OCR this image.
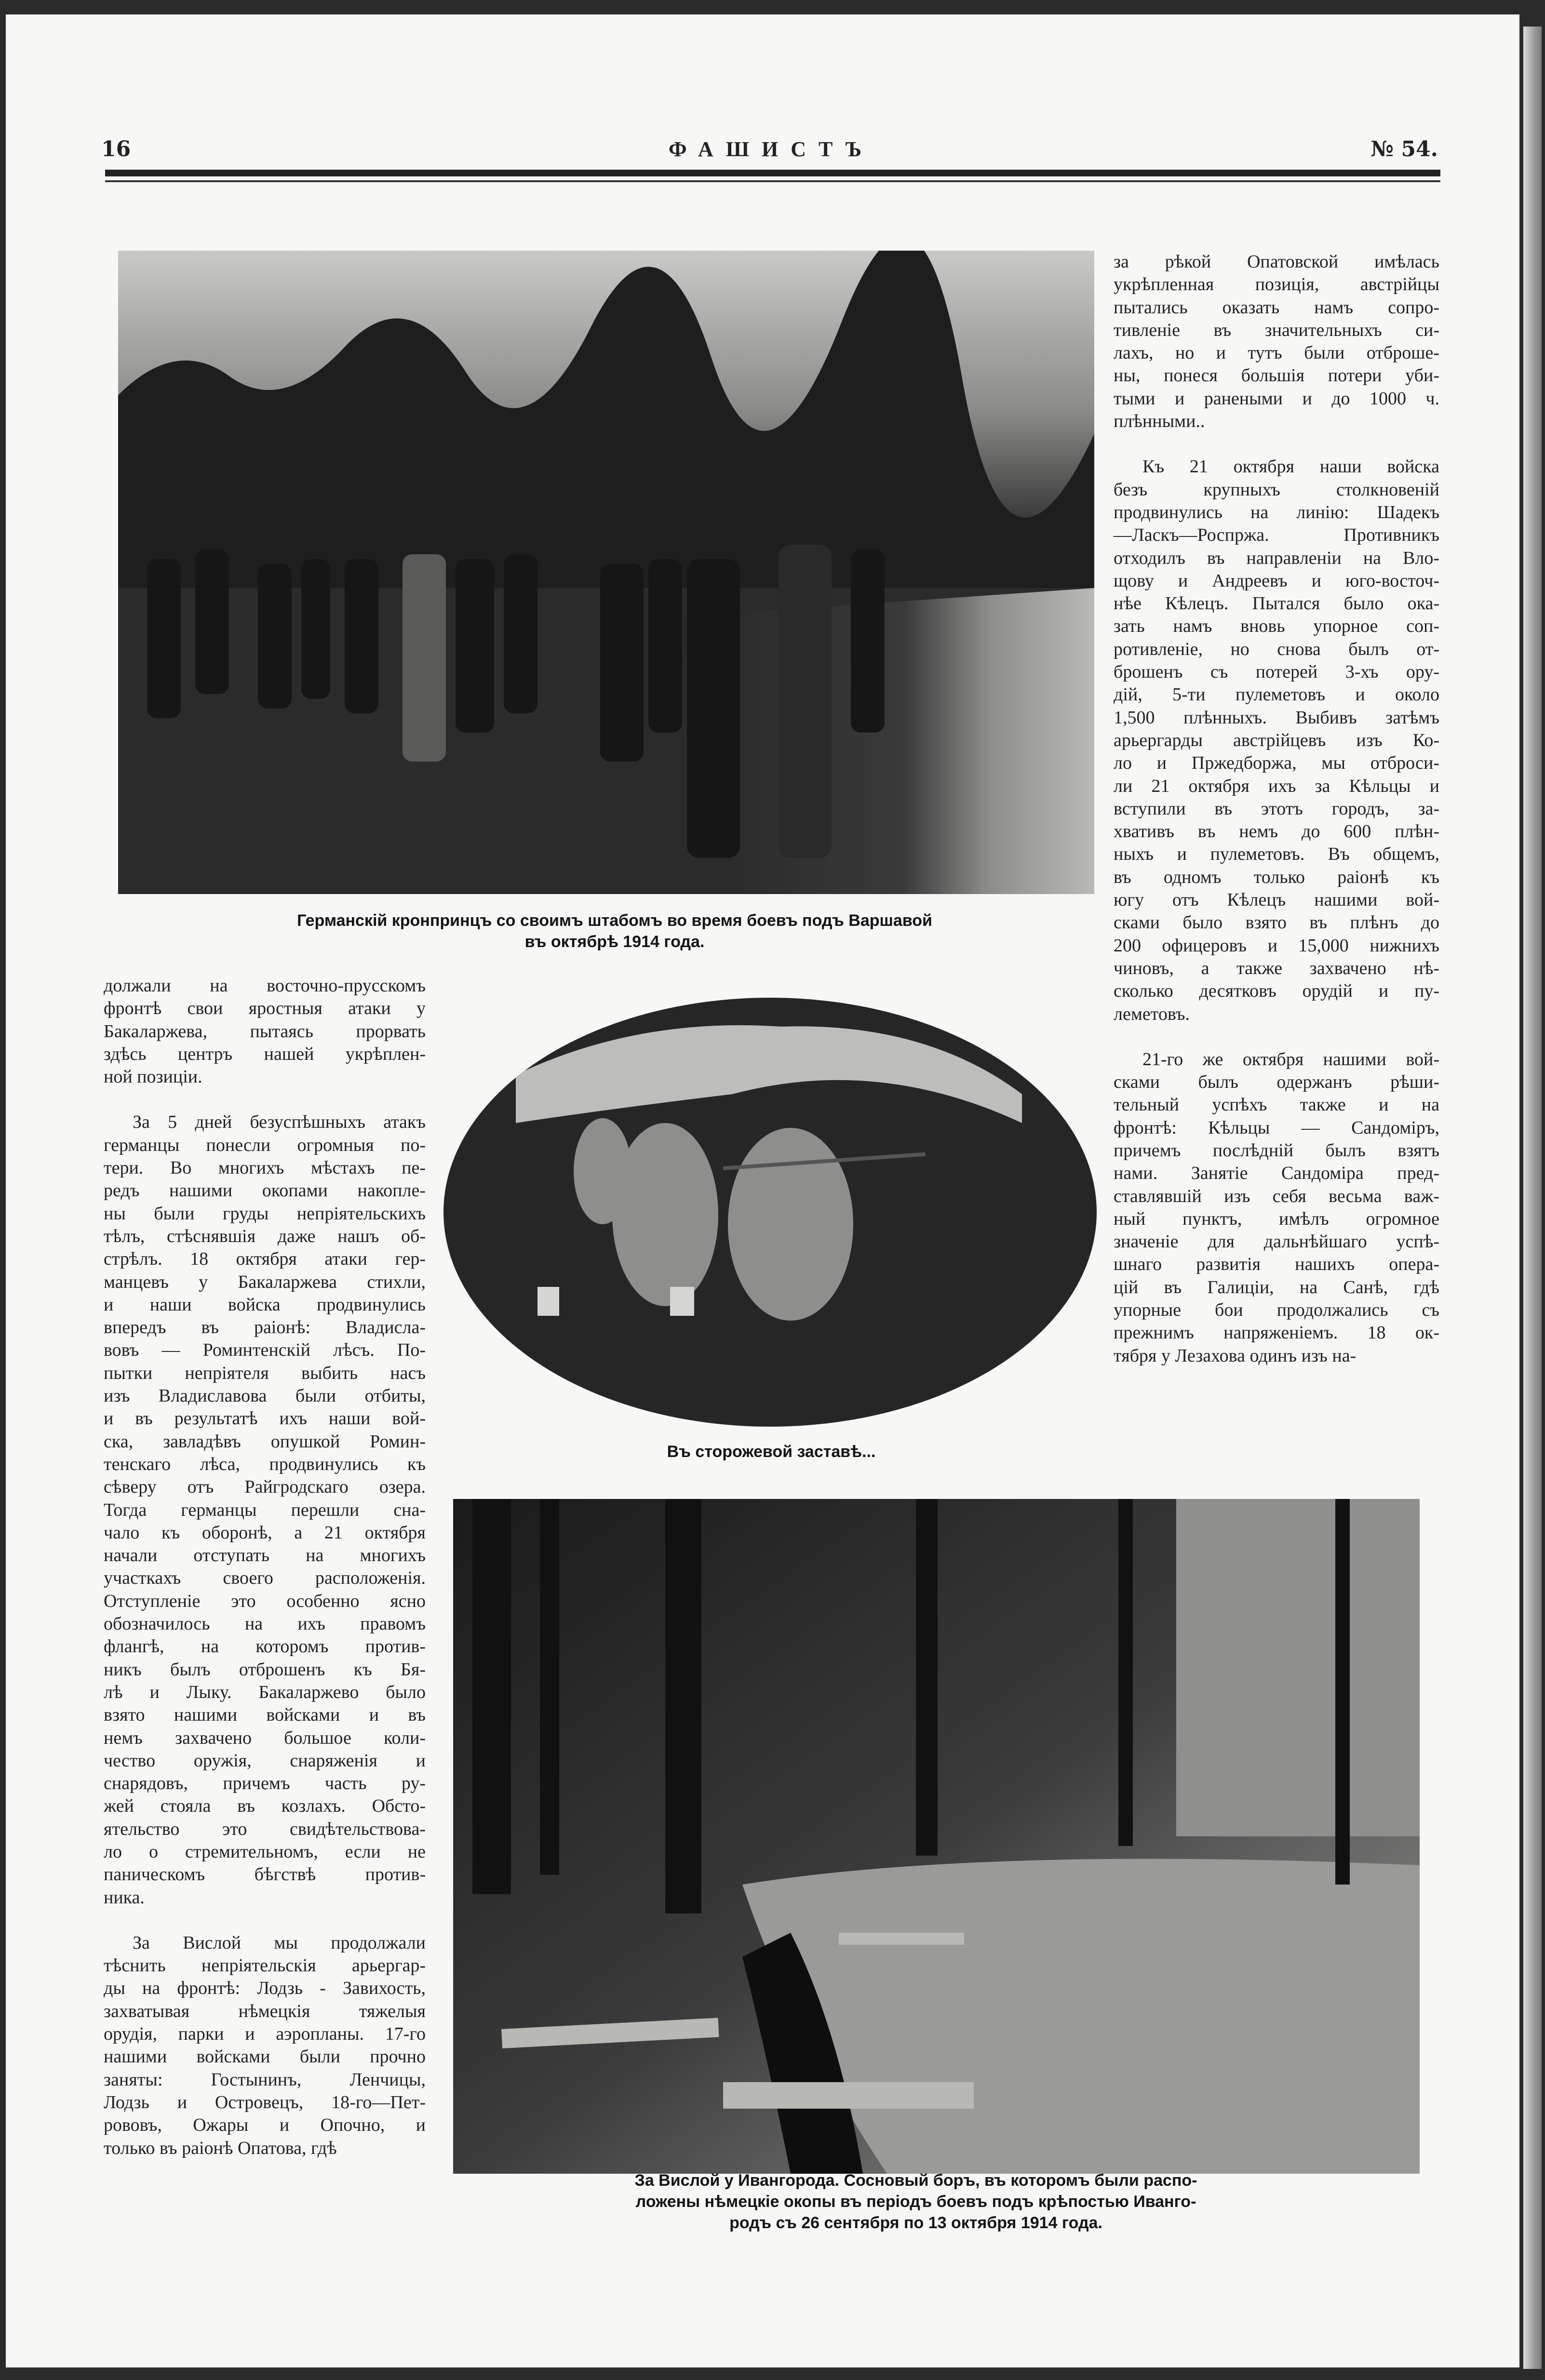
16	ФАШИСТЪ	№ 54.
Германскій кронпринцъ со своимъ штабомъ во время боевъ подъ Варшавой
въ октябрѣ 1914 года.
Въ сторожевой заставѣ...
За Вислой у Ивангорода. Сосновый боръ, въ которомъ были распо-
ложены нѣмецкіе окопы въ періодъ боевъ подъ крѣпостью Иванго-
родъ съ 26 сентября по 13 октября 1914 года.

должали на восточно-прусскомъ
фронтѣ свои яростныя атаки у
Бакаларжева, пытаясь прорвать
здѣсь центръ нашей укрѣплен-
ной позиціи.

За 5 дней безуспѣшныхъ атакъ
германцы понесли огромныя по-
тери. Во многихъ мѣстахъ пе-
редъ нашими окопами накопле-
ны были груды непріятельскихъ
тѣлъ, стѣснявшія даже нашъ об-
стрѣлъ. 18 октября атаки гер-
манцевъ у Бакаларжева стихли,
и наши войска продвинулись
впередъ въ раіонѣ: Владисла-
вовъ — Роминтенскій лѣсъ. По-
пытки непріятеля выбить насъ
изъ Владиславова были отбиты,
и въ результатѣ ихъ наши вой-
ска, завладѣвъ опушкой Ромин-
тенскаго лѣса, продвинулись къ
сѣверу отъ Райгродскаго озера.
Тогда германцы перешли сна-
чало къ оборонѣ, а 21 октября
начали отступать на многихъ
участкахъ своего расположенія.
Отступленіе это особенно ясно
обозначилось на ихъ правомъ
флангѣ, на которомъ против-
никъ былъ отброшенъ къ Бя-
лѣ и Лыку. Бакаларжево было
взято нашими войсками и въ
немъ захвачено большое коли-
чество оружія, снаряженія и
снарядовъ, причемъ часть ру-
жей стояла въ козлахъ. Обсто-
ятельство это свидѣтельствова-
ло о стремительномъ, если не
паническомъ бѣгствѣ против-
ника.

За Вислой мы продолжали
тѣснить непріятельскія арьергар-
ды на фронтѣ: Лодзь - Завихость,
захватывая нѣмецкія тяжелыя
орудія, парки и аэропланы. 17-го
нашими войсками были прочно
заняты: Гостынинъ, Ленчицы,
Лодзь и Островецъ, 18-го—Пет-
рововъ, Ожары и Опочно, и
только въ раіонѣ Опатова, гдѣ

за рѣкой Опатовской имѣлась
укрѣпленная позиція, австрійцы
пытались оказать намъ сопро-
тивленіе въ значительныхъ си-
лахъ, но и тутъ были отброше-
ны, понеся большія потери уби-
тыми и ранеными и до 1000 ч.
плѣнными..

Къ 21 октября наши войска
безъ крупныхъ столкновеній
продвинулись на линію: Шадекъ
—Ласкъ—Роспржа. Противникъ
отходилъ въ направленіи на Вло-
щову и Андреевъ и юго-восточ-
нѣе Кѣлецъ. Пытался было ока-
зать намъ вновь упорное соп-
ротивленіе, но снова былъ от-
брошенъ съ потерей 3-хъ ору-
дій, 5-ти пулеметовъ и около
1,500 плѣнныхъ. Выбивъ затѣмъ
арьергарды австрійцевъ изъ Ко-
ло и Пржедборжа, мы отброси-
ли 21 октября ихъ за Кѣльцы и
вступили въ этотъ городъ, за-
хвативъ въ немъ до 600 плѣн-
ныхъ и пулеметовъ. Въ общемъ,
въ одномъ только раіонѣ къ
югу отъ Кѣлецъ нашими вой-
сками было взято въ плѣнъ до
200 офицеровъ и 15,000 нижнихъ
чиновъ, а также захвачено нѣ-
сколько десятковъ орудій и пу-
леметовъ.

21-го же октября нашими вой-
сками былъ одержанъ рѣши-
тельный успѣхъ также и на
фронтѣ: Кѣльцы — Сандоміръ,
причемъ послѣдній былъ взятъ
нами. Занятіе Сандоміра пред-
ставлявшій изъ себя весьма важ-
ный пунктъ, имѣлъ огромное
значеніе для дальнѣйшаго успѣ-
шнаго развитія нашихъ опера-
цій въ Галиціи, на Санѣ, гдѣ
упорные бои продолжались съ
прежнимъ напряженіемъ. 18 ок-
тября у Лезахова одинъ изъ на-
